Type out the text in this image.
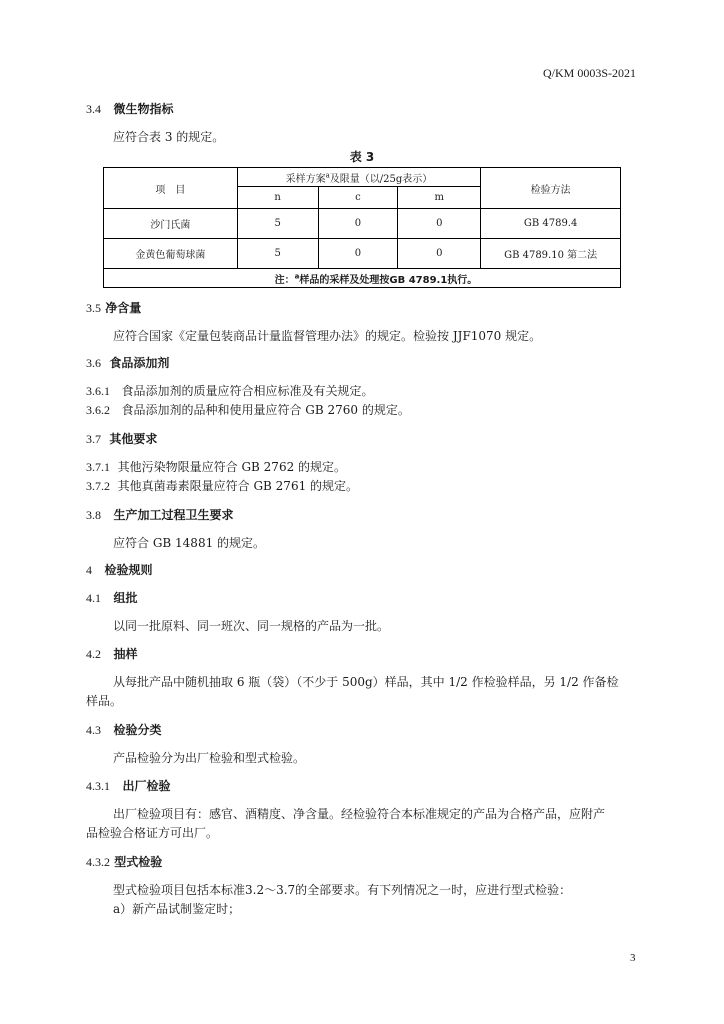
Q/KM 0003S-2021
3.4 微生物指标
应符合表 3 的规定。
表 3
项　目	采样方案$^a$及限量（以/25g表示）			检验方法
	n	c	m	
沙门氏菌	5	0	0	GB 4789.4
金黄色葡萄球菌	5	0	0	GB 4789.10 第二法
注：$^a$样品的采样及处理按GB 4789.1执行。				
3.5 净含量
应符合国家《定量包装商品计量监督管理办法》的规定。检验按 JJF1070 规定。
3.6 食品添加剂
3.6.1 食品添加剂的质量应符合相应标准及有关规定。
3.6.2 食品添加剂的品种和使用量应符合 GB 2760 的规定。
3.7 其他要求
3.7.1 其他污染物限量应符合 GB 2762 的规定。
3.7.2 其他真菌毒素限量应符合 GB 2761 的规定。
3.8 生产加工过程卫生要求
应符合 GB 14881 的规定。
4 检验规则
4.1 组批
以同一批原料、同一班次、同一规格的产品为一批。
4.2 抽样
从每批产品中随机抽取 6 瓶（袋）（不少于 500g）样品，其中 1/2 作检验样品，另 1/2 作备检
样品。
4.3 检验分类
产品检验分为出厂检验和型式检验。
4.3.1 出厂检验
出厂检验项目有：感官、酒精度、净含量。经检验符合本标准规定的产品为合格产品，应附产
品检验合格证方可出厂。
4.3.2 型式检验
型式检验项目包括本标准3.2～3.7的全部要求。有下列情况之一时，应进行型式检验：
a）新产品试制鉴定时；
3
